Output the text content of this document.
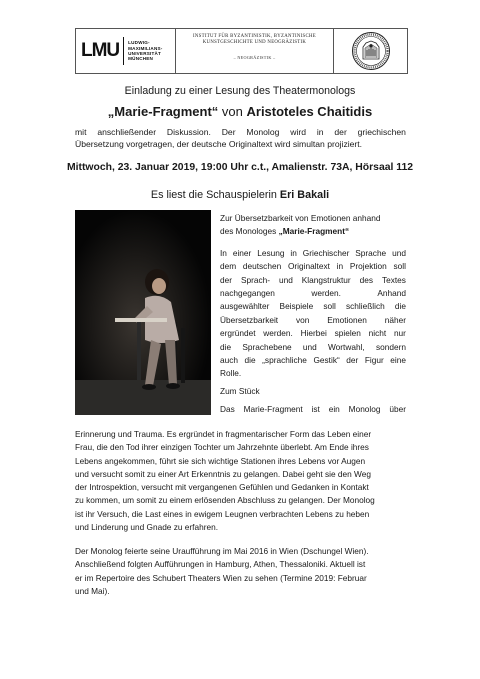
LMU LUDWIG-
MAXIMILIANS-
UNIVERSITÄT
MÜNCHEN
INSTITUT FÜR BYZANTINISTIK, BYZANTINISCHE
KUNSTGESCHICHTE UND NEOGRÄZISTIK
– NEOGRÄZISTIK –
Einladung zu einer Lesung des Theatermonologs
„Marie-Fragment“ von Aristoteles Chaitidis
mit anschließender Diskussion. Der Monolog wird in der griechischen
Übersetzung vorgetragen, der deutsche Originaltext wird simultan projiziert.
Mittwoch, 23. Januar 2019, 19:00 Uhr c.t., Amalienstr. 73A, Hörsaal 112
Es liest die Schauspielerin Eri Bakali
Zur Übersetzbarkeit von Emotionen anhand
des Monologes „Marie-Fragment“
In einer Lesung in Griechischer Sprache und
dem deutschen Originaltext in Projektion soll
der Sprach- und Klangstruktur des Textes
nachgegangen	werden.	Anhand
ausgewählter Beispiele soll schließlich die
Übersetzbarkeit von Emotionen näher
ergründet werden. Hierbei spielen nicht nur
die Sprachebene und Wortwahl, sondern
auch die „sprachliche Gestik“ der Figur eine
Rolle.
Zum Stück
Das Marie-Fragment ist ein Monolog über
Erinnerung und Trauma. Es ergründet in fragmentarischer Form das Leben einer
Frau, die den Tod ihrer einzigen Tochter um Jahrzehnte überlebt. Am Ende ihres
Lebens angekommen, führt sie sich wichtige Stationen ihres Lebens vor Augen
und versucht somit zu einer Art Erkenntnis zu gelangen. Dabei geht sie den Weg
der Introspektion, versucht mit vergangenen Gefühlen und Gedanken in Kontakt
zu kommen, um somit zu einem erlösenden Abschluss zu gelangen. Der Monolog
ist ihr Versuch, die Last eines in ewigem Leugnen verbrachten Lebens zu heben
und Linderung und Gnade zu erfahren.
Der Monolog feierte seine Uraufführung im Mai 2016 in Wien (Dschungel Wien).
Anschließend folgten Aufführungen in Hamburg, Athen, Thessaloniki. Aktuell ist
er im Repertoire des Schubert Theaters Wien zu sehen (Termine 2019: Februar
und Mai).
